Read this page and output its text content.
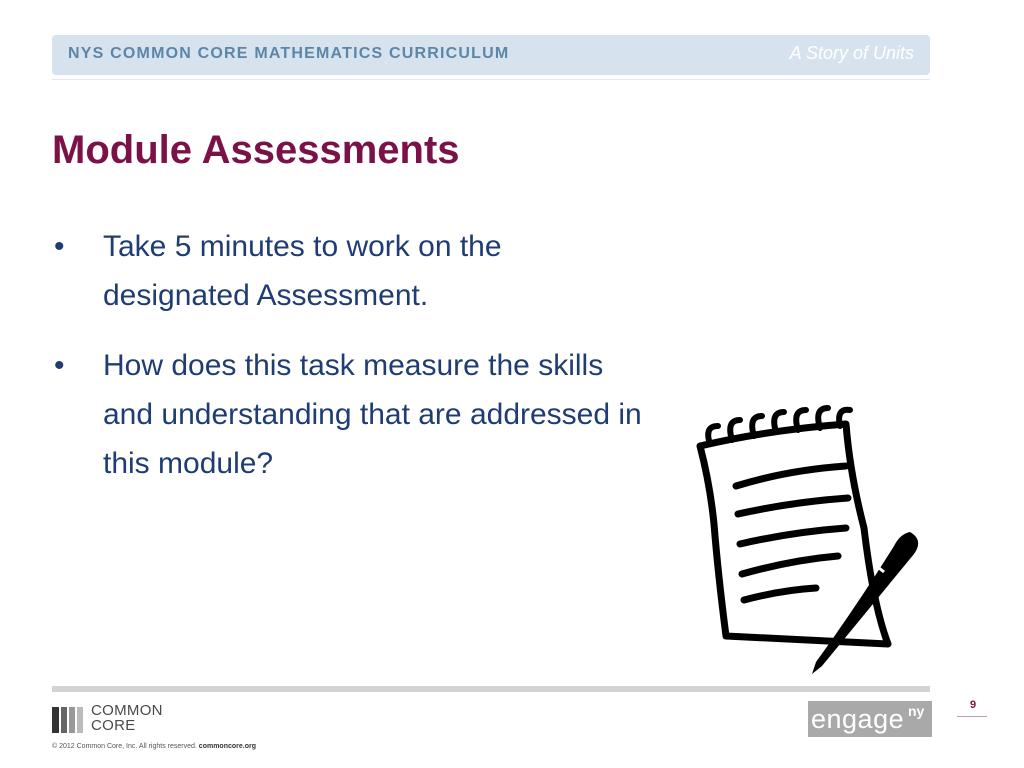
NYS COMMON CORE MATHEMATICS CURRICULUM	A Story of Units
Module Assessments
• Take 5 minutes to work on the designated Assessment.
• How does this task measure the skills and understanding that are addressed in this module?
COMMON
CORE
© 2012 Common Core, Inc. All rights reserved. commoncore.org
engage ny	9
